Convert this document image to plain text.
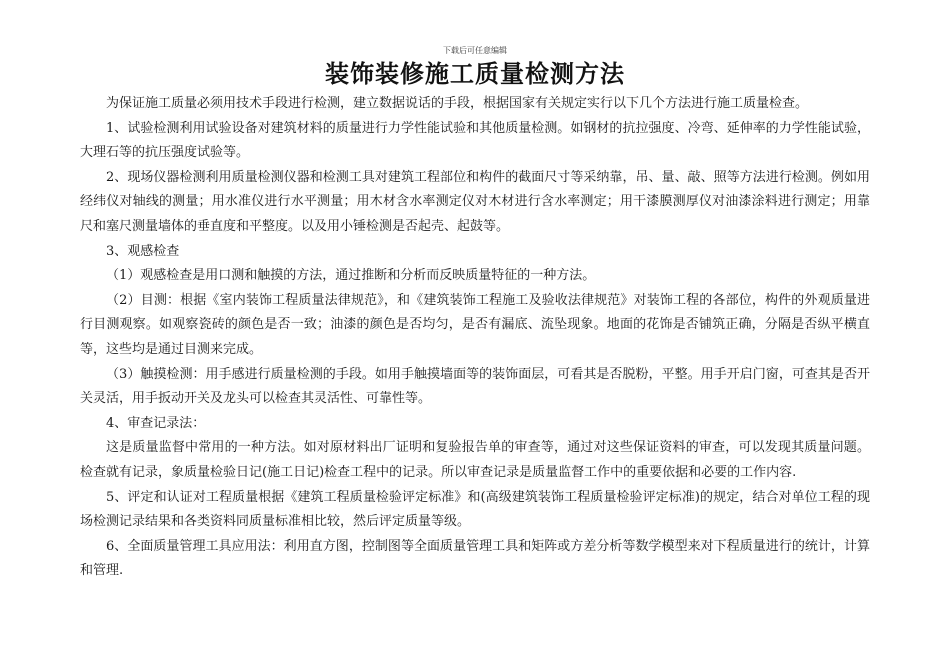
下载后可任意编辑
装饰装修施工质量检测方法

为保证施工质量必须用技术手段进行检测，建立数据说话的手段，根据国家有关规定实行以下几个方法进行施工质量检查。

1、试验检测利用试验设备对建筑材料的质量进行力学性能试验和其他质量检测。如钢材的抗拉强度、冷弯、延伸率的力学性能试验，大理石等的抗压强度试验等。

2、现场仪器检测利用质量检测仪器和检测工具对建筑工程部位和构件的截面尺寸等采纳靠，吊、量、敲、照等方法进行检测。例如用经纬仪对轴线的测量；用水准仪进行水平测量；用木材含水率测定仪对木材进行含水率测定；用干漆膜测厚仪对油漆涂料进行测定；用靠尺和塞尺测量墙体的垂直度和平整度。以及用小锤检测是否起壳、起鼓等。

3、观感检查

（1）观感检查是用口测和触摸的方法，通过推断和分析而反映质量特征的一种方法。

（2）目测：根据《室内装饰工程质量法律规范》，和《建筑装饰工程施工及验收法律规范》对装饰工程的各部位，构件的外观质量进行目测观察。如观察瓷砖的颜色是否一致；油漆的颜色是否均匀，是否有漏底、流坠现象。地面的花饰是否铺筑正确，分隔是否纵平横直等，这些均是通过目测来完成。

（3）触摸检测：用手感进行质量检测的手段。如用手触摸墙面等的装饰面层，可看其是否脱粉，平整。用手开启门窗，可查其是否开关灵活，用手扳动开关及龙头可以检查其灵活性、可靠性等。

4、审查记录法：

这是质量监督中常用的一种方法。如对原材料出厂证明和复验报告单的审查等，通过对这些保证资料的审查，可以发现其质量问题。检查就有记录，象质量检验日记(施工日记)检查工程中的记录。所以审查记录是质量监督工作中的重要依据和必要的工作内容.

5、评定和认证对工程质量根据《建筑工程质量检验评定标准》和(高级建筑装饰工程质量检验评定标准)的规定，结合对单位工程的现场检测记录结果和各类资料同质量标准相比较，然后评定质量等级。

6、全面质量管理工具应用法：利用直方图，控制图等全面质量管理工具和矩阵或方差分析等数学模型来对下程质量进行的统计，计算和管理.
